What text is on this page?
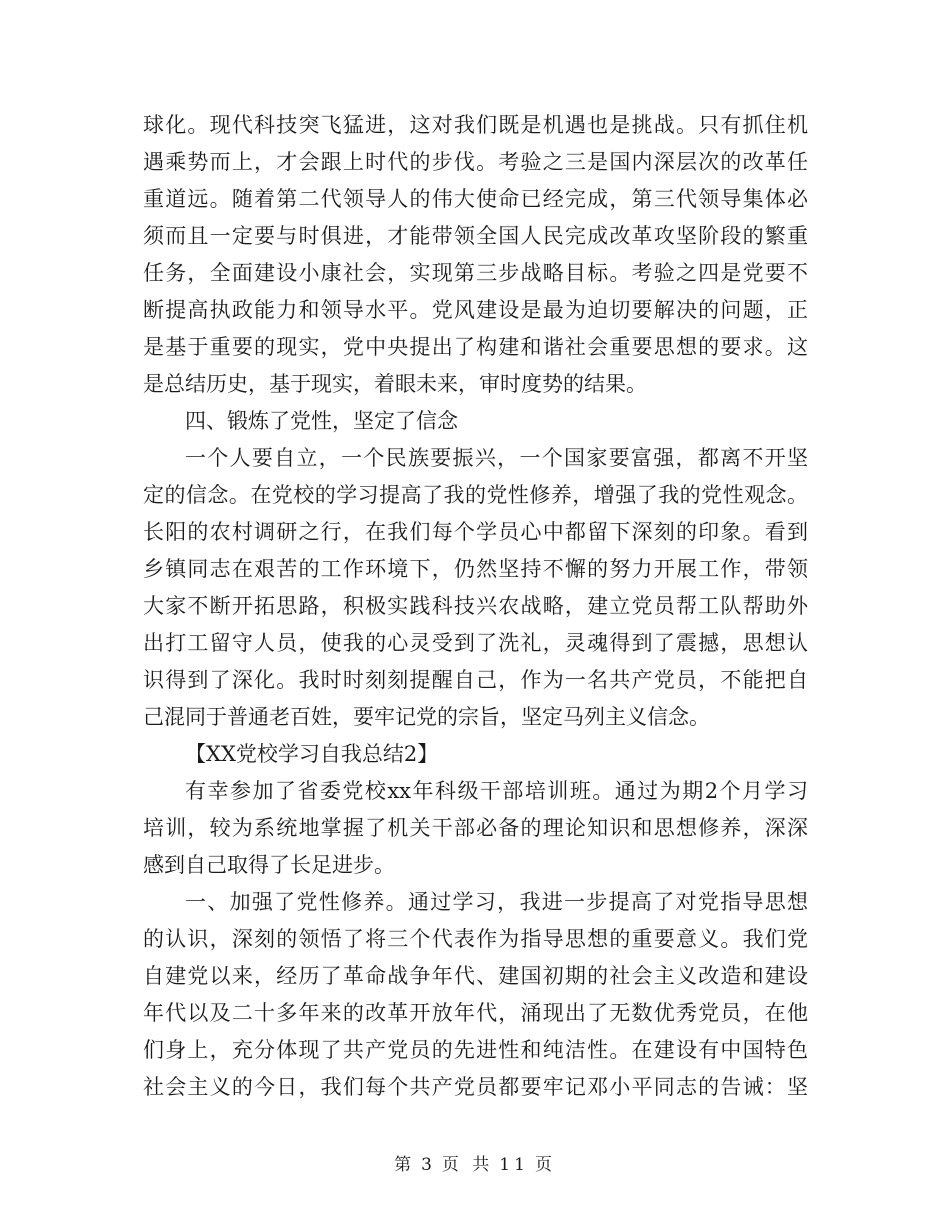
球化。现代科技突飞猛进，这对我们既是机遇也是挑战。只有抓住机
遇乘势而上，才会跟上时代的步伐。考验之三是国内深层次的改革任
重道远。随着第二代领导人的伟大使命已经完成，第三代领导集体必
须而且一定要与时俱进，才能带领全国人民完成改革攻坚阶段的繁重
任务，全面建设小康社会，实现第三步战略目标。考验之四是党要不
断提高执政能力和领导水平。党风建设是最为迫切要解决的问题，正
是基于重要的现实，党中央提出了构建和谐社会重要思想的要求。这
是总结历史，基于现实，着眼未来，审时度势的结果。
四、锻炼了党性，坚定了信念
一个人要自立，一个民族要振兴，一个国家要富强，都离不开坚
定的信念。在党校的学习提高了我的党性修养，增强了我的党性观念。
长阳的农村调研之行，在我们每个学员心中都留下深刻的印象。看到
乡镇同志在艰苦的工作环境下，仍然坚持不懈的努力开展工作，带领
大家不断开拓思路，积极实践科技兴农战略，建立党员帮工队帮助外
出打工留守人员，使我的心灵受到了洗礼，灵魂得到了震撼，思想认
识得到了深化。我时时刻刻提醒自己，作为一名共产党员，不能把自
己混同于普通老百姓，要牢记党的宗旨，坚定马列主义信念。
【XX党校学习自我总结2】
有幸参加了省委党校xx年科级干部培训班。通过为期2个月学习
培训，较为系统地掌握了机关干部必备的理论知识和思想修养，深深
感到自己取得了长足进步。
一、加强了党性修养。通过学习，我进一步提高了对党指导思想
的认识，深刻的领悟了将三个代表作为指导思想的重要意义。我们党
自建党以来，经历了革命战争年代、建国初期的社会主义改造和建设
年代以及二十多年来的改革开放年代，涌现出了无数优秀党员，在他
们身上，充分体现了共产党员的先进性和纯洁性。在建设有中国特色
社会主义的今日，我们每个共产党员都要牢记邓小平同志的告诫：坚
第 3 页 共 11 页
